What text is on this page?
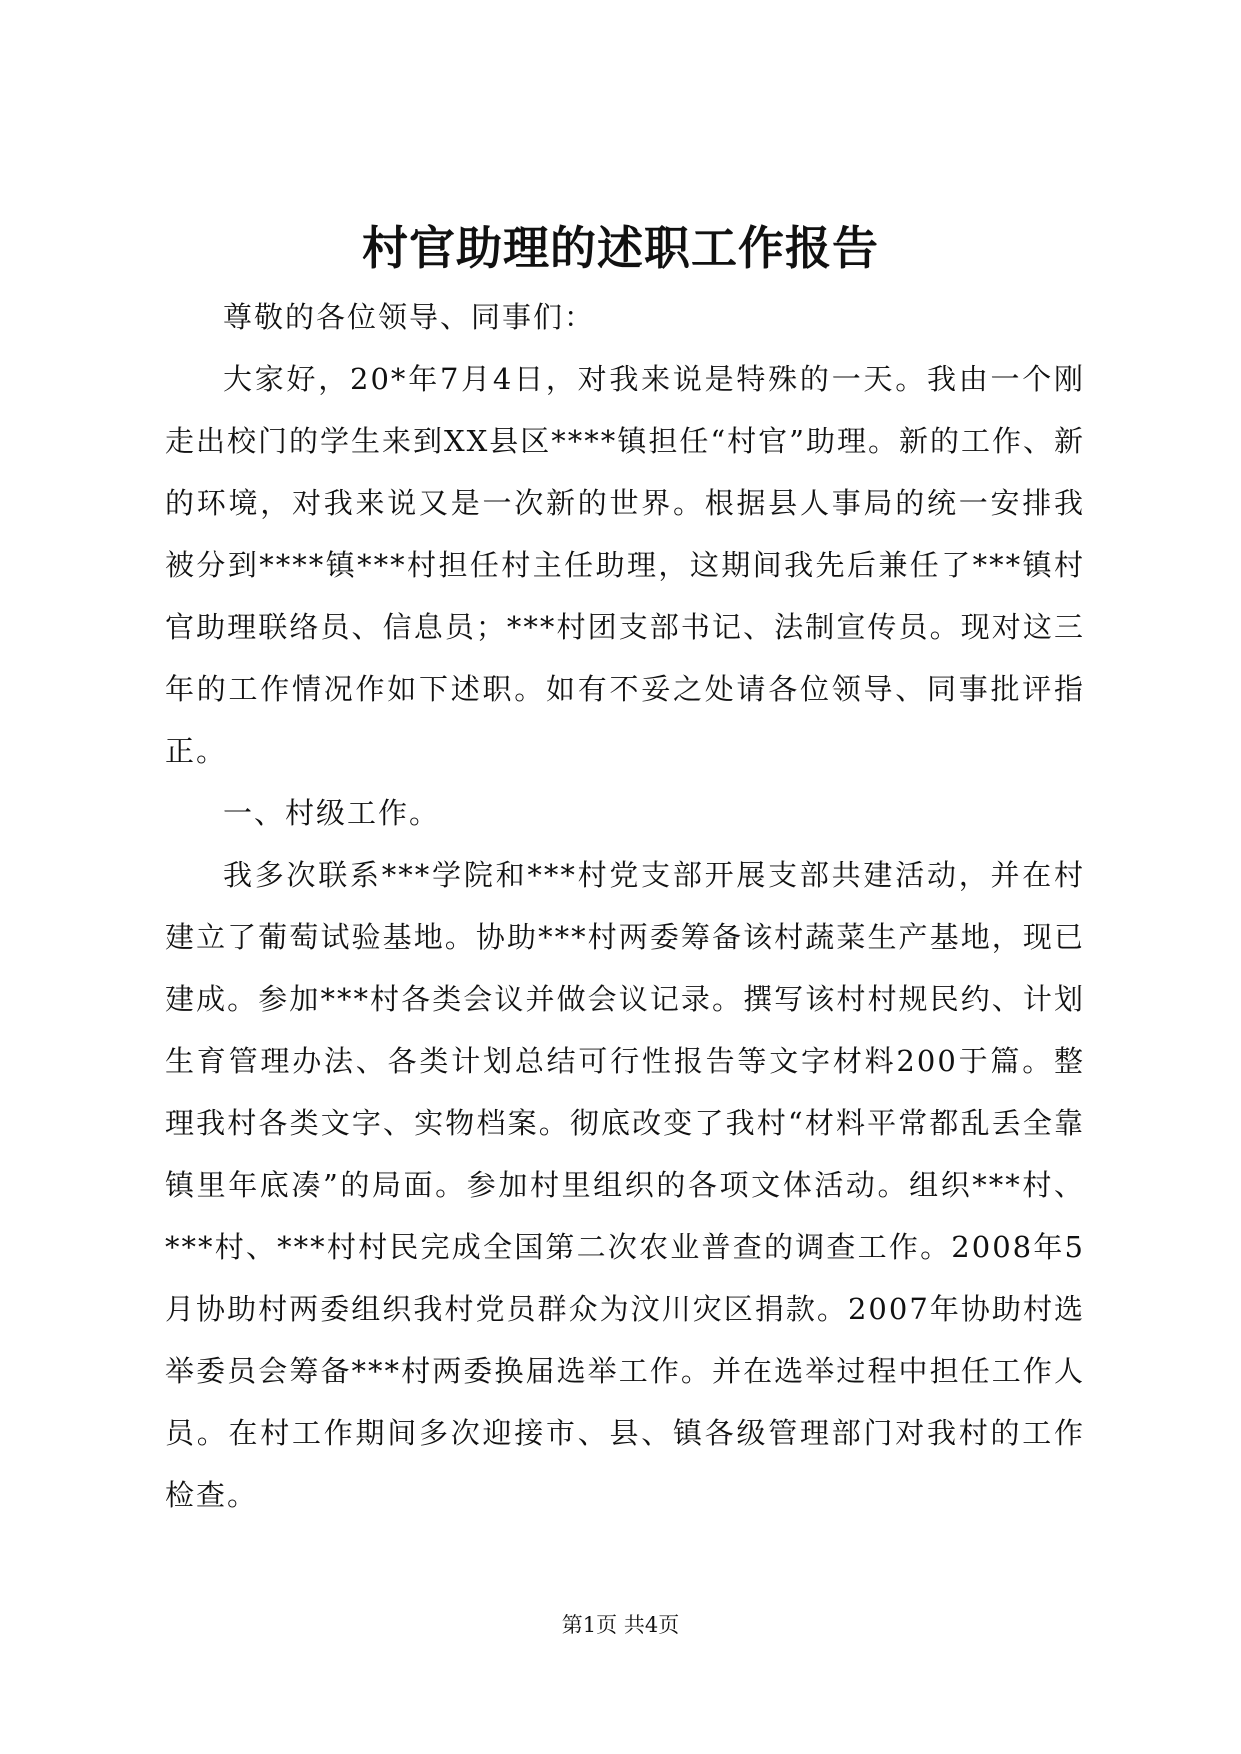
村官助理的述职工作报告

尊敬的各位领导、同事们：

大家好，20*年7月4日，对我来说是特殊的一天。我由一个刚走出校门的学生来到XX县区****镇担任“村官”助理。新的工作、新的环境，对我来说又是一次新的世界。根据县人事局的统一安排我被分到****镇***村担任村主任助理，这期间我先后兼任了***镇村官助理联络员、信息员；***村团支部书记、法制宣传员。现对这三年的工作情况作如下述职。如有不妥之处请各位领导、同事批评指正。

一、村级工作。

我多次联系***学院和***村党支部开展支部共建活动，并在村建立了葡萄试验基地。协助***村两委筹备该村蔬菜生产基地，现已建成。参加***村各类会议并做会议记录。撰写该村村规民约、计划生育管理办法、各类计划总结可行性报告等文字材料200于篇。整理我村各类文字、实物档案。彻底改变了我村“材料平常都乱丢全靠镇里年底凑”的局面。参加村里组织的各项文体活动。组织***村、***村、***村村民完成全国第二次农业普查的调查工作。2008年5月协助村两委组织我村党员群众为汶川灾区捐款。2007年协助村选举委员会筹备***村两委换届选举工作。并在选举过程中担任工作人员。在村工作期间多次迎接市、县、镇各级管理部门对我村的工作检查。

第1页 共4页
